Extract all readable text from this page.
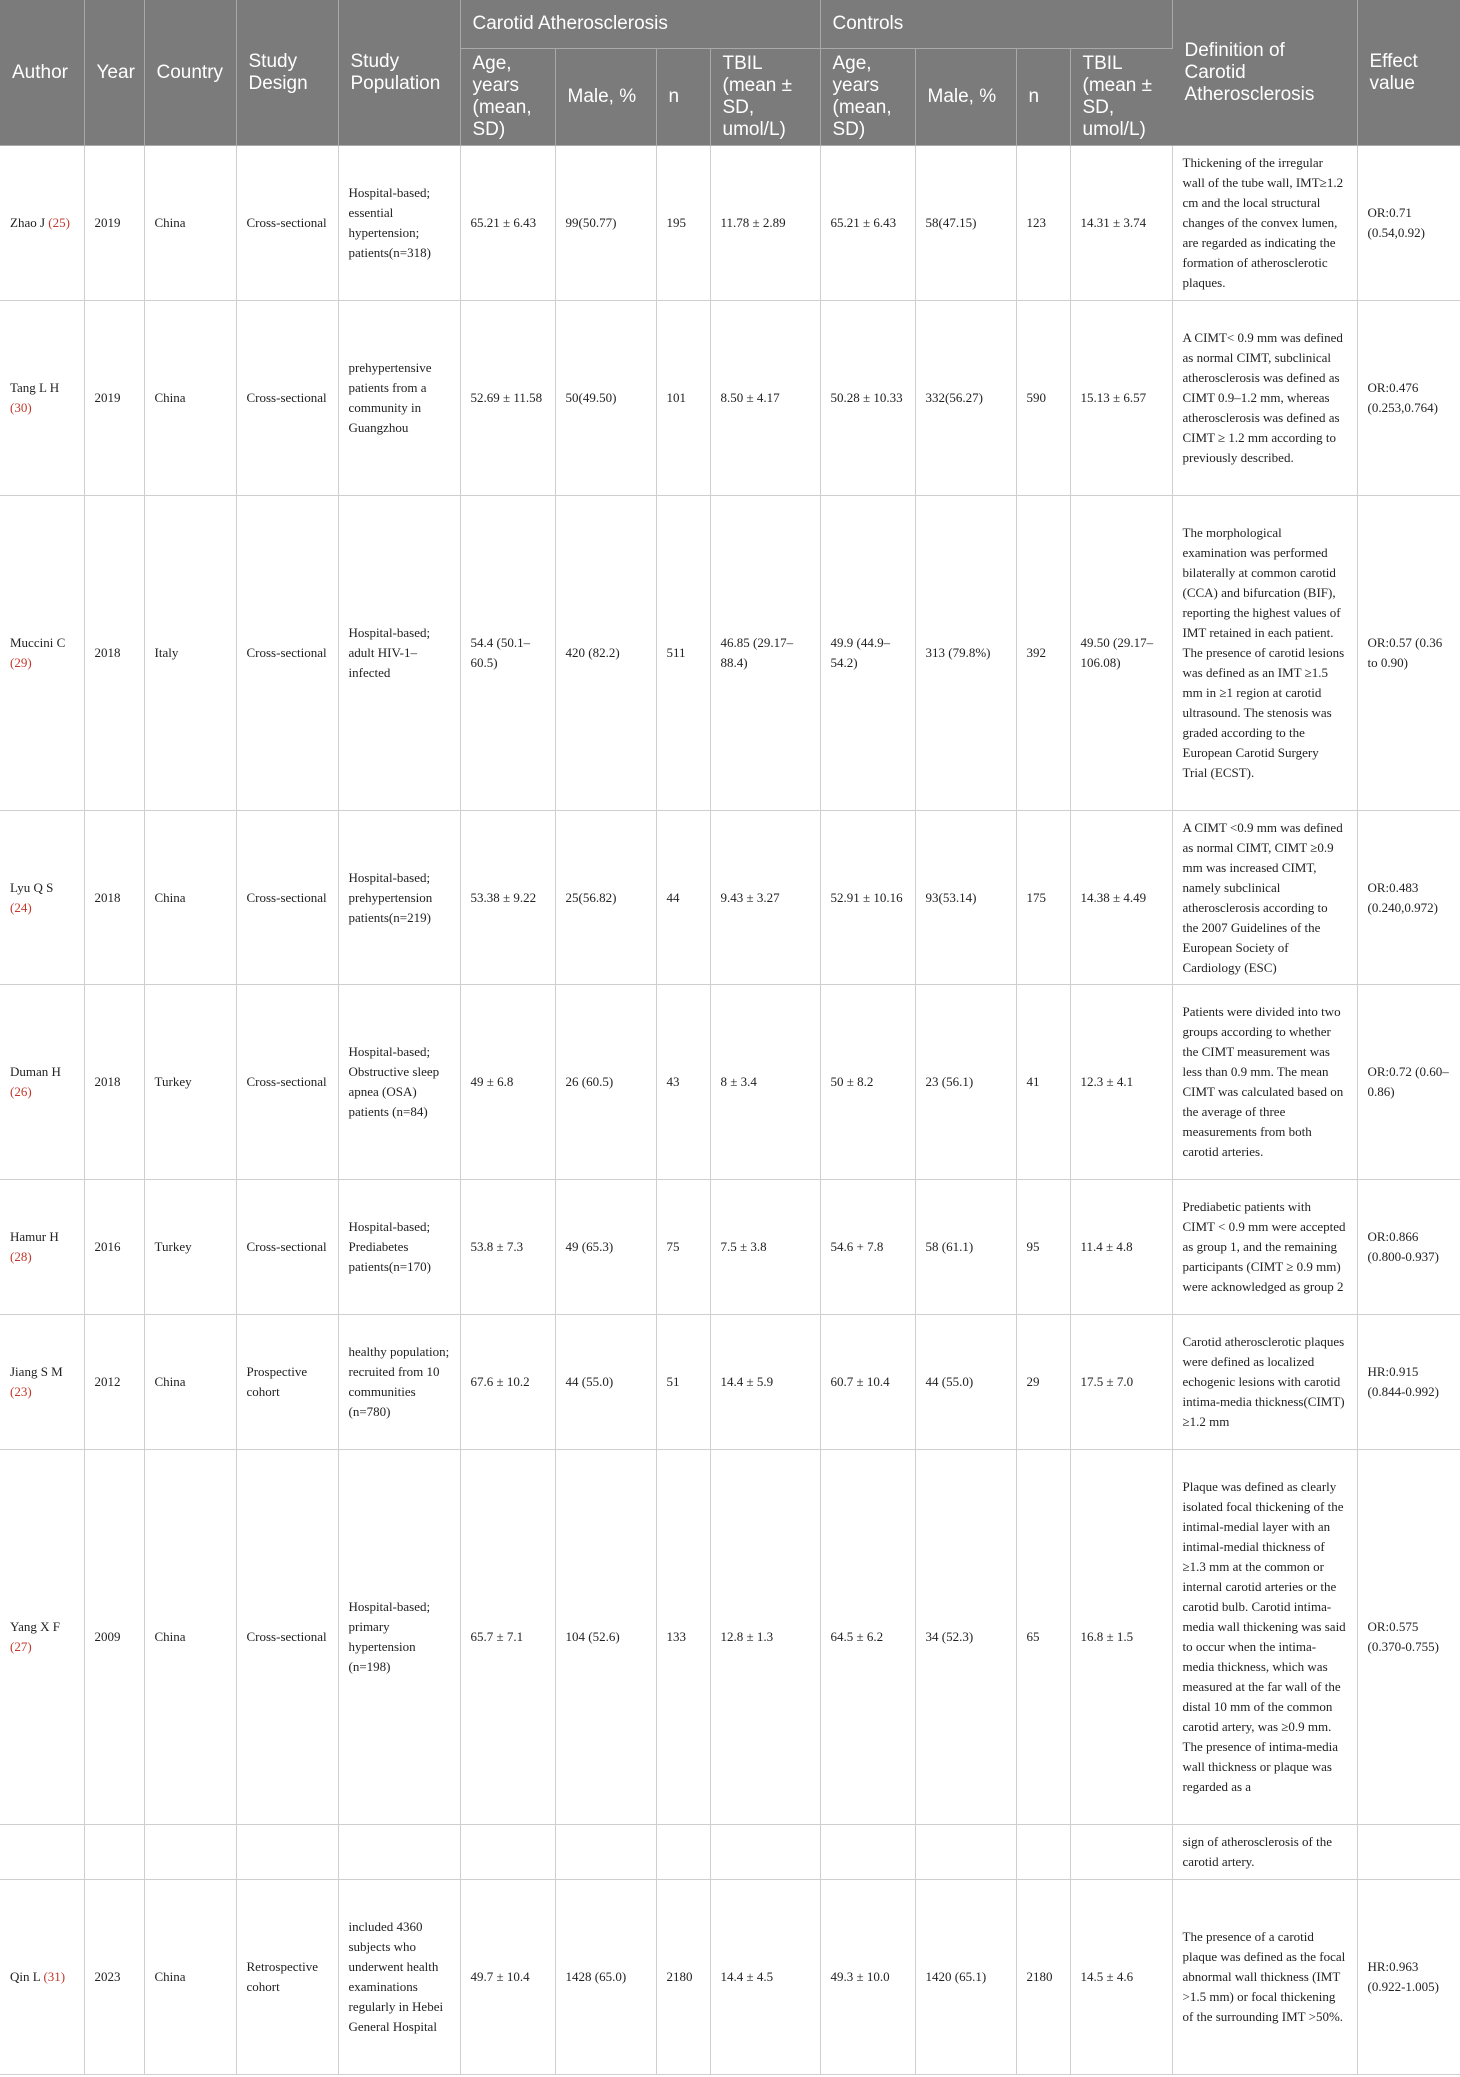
Author	Year	Country	Study Design	Study Population	Carotid Atherosclerosis				Controls				Definition of Carotid Atherosclerosis	Effect value
					Age, years (mean, SD)	Male, %	n	TBIL (mean ± SD, umol/L)	Age, years (mean, SD)	Male, %	n	TBIL (mean ± SD, umol/L)		
Zhao J (25)	2019	China	Cross-sectional	Hospital-based; essential hypertension; patients(n=318)	65.21 ± 6.43	99(50.77)	195	11.78 ± 2.89	65.21 ± 6.43	58(47.15)	123	14.31 ± 3.74	Thickening of the irregular wall of the tube wall, IMT≥1.2 cm and the local structural changes of the convex lumen, are regarded as indicating the formation of atherosclerotic plaques.	OR:0.71 (0.54,0.92)
Tang L H (30)	2019	China	Cross-sectional	prehypertensive patients from a community in Guangzhou	52.69 ± 11.58	50(49.50)	101	8.50 ± 4.17	50.28 ± 10.33	332(56.27)	590	15.13 ± 6.57	A CIMT< 0.9 mm was defined as normal CIMT, subclinical atherosclerosis was defined as CIMT 0.9–1.2 mm, whereas atherosclerosis was defined as CIMT ≥ 1.2 mm according to previously described.	OR:0.476 (0.253,0.764)
Muccini C (29)	2018	Italy	Cross-sectional	Hospital-based; adult HIV-1–infected	54.4 (50.1–60.5)	420 (82.2)	511	46.85 (29.17–88.4)	49.9 (44.9–54.2)	313 (79.8%)	392	49.50 (29.17–106.08)	The morphological examination was performed bilaterally at common carotid (CCA) and bifurcation (BIF), reporting the highest values of IMT retained in each patient. The presence of carotid lesions was defined as an IMT ≥1.5 mm in ≥1 region at carotid ultrasound. The stenosis was graded according to the European Carotid Surgery Trial (ECST).	OR:0.57 (0.36 to 0.90)
Lyu Q S (24)	2018	China	Cross-sectional	Hospital-based; prehypertension patients(n=219)	53.38 ± 9.22	25(56.82)	44	9.43 ± 3.27	52.91 ± 10.16	93(53.14)	175	14.38 ± 4.49	A CIMT <0.9 mm was defined as normal CIMT, CIMT ≥0.9 mm was increased CIMT, namely subclinical atherosclerosis according to the 2007 Guidelines of the European Society of Cardiology (ESC)	OR:0.483 (0.240,0.972)
Duman H (26)	2018	Turkey	Cross-sectional	Hospital-based; Obstructive sleep apnea (OSA) patients (n=84)	49 ± 6.8	26 (60.5)	43	8 ± 3.4	50 ± 8.2	23 (56.1)	41	12.3 ± 4.1	Patients were divided into two groups according to whether the CIMT measurement was less than 0.9 mm. The mean CIMT was calculated based on the average of three measurements from both carotid arteries.	OR:0.72 (0.60–0.86)
Hamur H (28)	2016	Turkey	Cross-sectional	Hospital-based; Prediabetes patients(n=170)	53.8 ± 7.3	49 (65.3)	75	7.5 ± 3.8	54.6 + 7.8	58 (61.1)	95	11.4 ± 4.8	Prediabetic patients with CIMT < 0.9 mm were accepted as group 1, and the remaining participants (CIMT ≥ 0.9 mm) were acknowledged as group 2	OR:0.866 (0.800-0.937)
Jiang S M (23)	2012	China	Prospective cohort	healthy population; recruited from 10 communities (n=780)	67.6 ± 10.2	44 (55.0)	51	14.4 ± 5.9	60.7 ± 10.4	44 (55.0)	29	17.5 ± 7.0	Carotid atherosclerotic plaques were defined as localized echogenic lesions with carotid intima-media thickness(CIMT) ≥1.2 mm	HR:0.915 (0.844-0.992)
Yang X F (27)	2009	China	Cross-sectional	Hospital-based; primary hypertension (n=198)	65.7 ± 7.1	104 (52.6)	133	12.8 ± 1.3	64.5 ± 6.2	34 (52.3)	65	16.8 ± 1.5	Plaque was defined as clearly isolated focal thickening of the intimal-medial layer with an intimal-medial thickness of ≥1.3 mm at the common or internal carotid arteries or the carotid bulb. Carotid intima-media wall thickening was said to occur when the intima-media thickness, which was measured at the far wall of the distal 10 mm of the common carotid artery, was ≥0.9 mm. The presence of intima-media wall thickness or plaque was regarded as a	OR:0.575 (0.370-0.755)
													sign of atherosclerosis of the carotid artery.	
Qin L (31)	2023	China	Retrospective cohort	included 4360 subjects who underwent health examinations regularly in Hebei General Hospital	49.7 ± 10.4	1428 (65.0)	2180	14.4 ± 4.5	49.3 ± 10.0	1420 (65.1)	2180	14.5 ± 4.6	The presence of a carotid plaque was defined as the focal abnormal wall thickness (IMT >1.5 mm) or focal thickening of the surrounding IMT >50%.	HR:0.963 (0.922-1.005)
